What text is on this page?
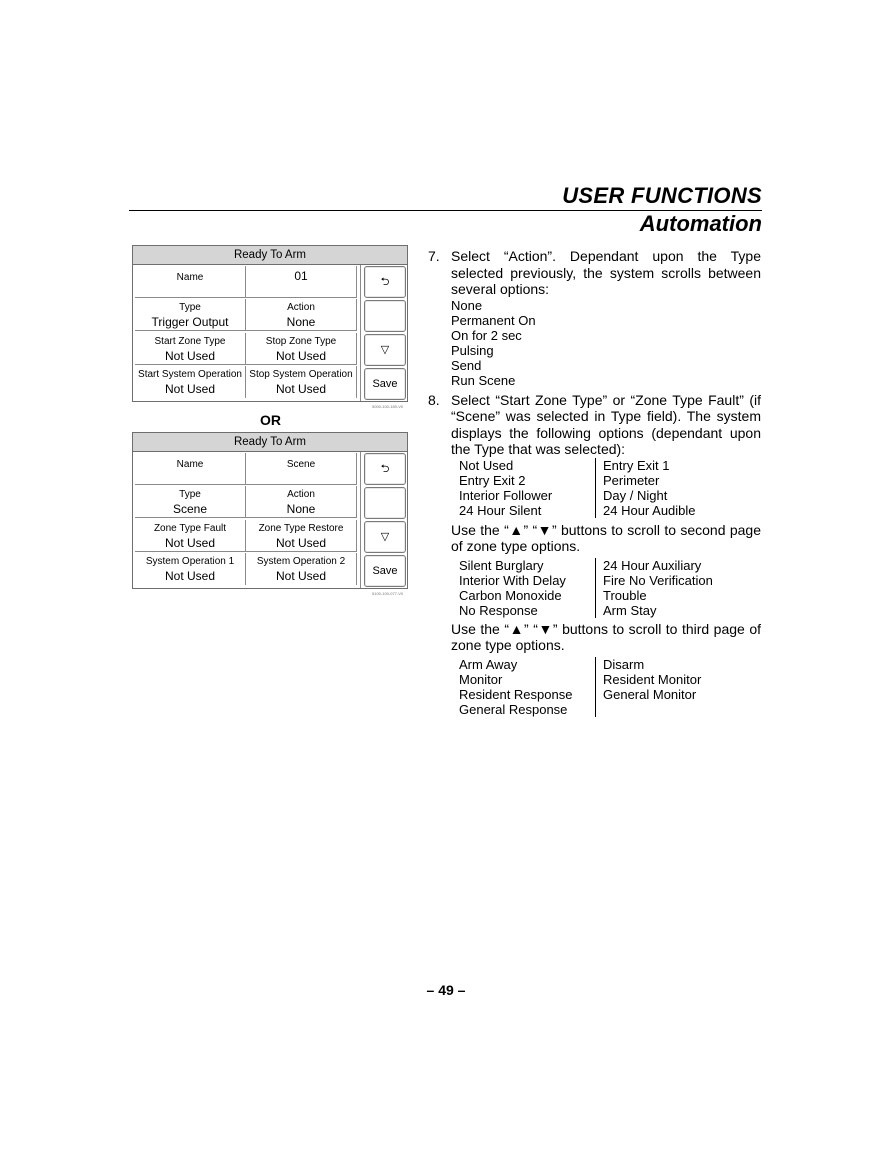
USER FUNCTIONS
Automation
Ready To Arm
Name	01
Type
Trigger Output
Action
None
Start Zone Type
Not Used
Stop Zone Type
Not Used
Start System Operation
Not Used
Stop System Operation
Not Used
⮌
▽
Save
5000-100-189-V0
OR
Ready To Arm
Name	Scene
Type
Scene
Action
None
Zone Type Fault
Not Used
Zone Type Restore
Not Used
System Operation 1
Not Used
System Operation 2
Not Used
⮌
▽
Save
5100-100-077-V0
7. Select “Action”. Dependant upon the Type selected previously, the system scrolls between several options:
None
Permanent On
On for 2 sec
Pulsing
Send
Run Scene
8. Select “Start Zone Type” or “Zone Type Fault” (if “Scene” was selected in Type field). The system displays the following options (dependant upon the Type that was selected):
Not Used
Entry Exit 2
Interior Follower
24 Hour Silent
Entry Exit 1
Perimeter
Day / Night
24 Hour Audible
Use the “▲” “▼” buttons to scroll to second page of zone type options.
Silent Burglary
Interior With Delay
Carbon Monoxide
No Response
24 Hour Auxiliary
Fire No Verification
Trouble
Arm Stay
Use the “▲” “▼” buttons to scroll to third page of zone type options.
Arm Away
Monitor
Resident Response
General Response
Disarm
Resident Monitor
General Monitor
– 49 –
